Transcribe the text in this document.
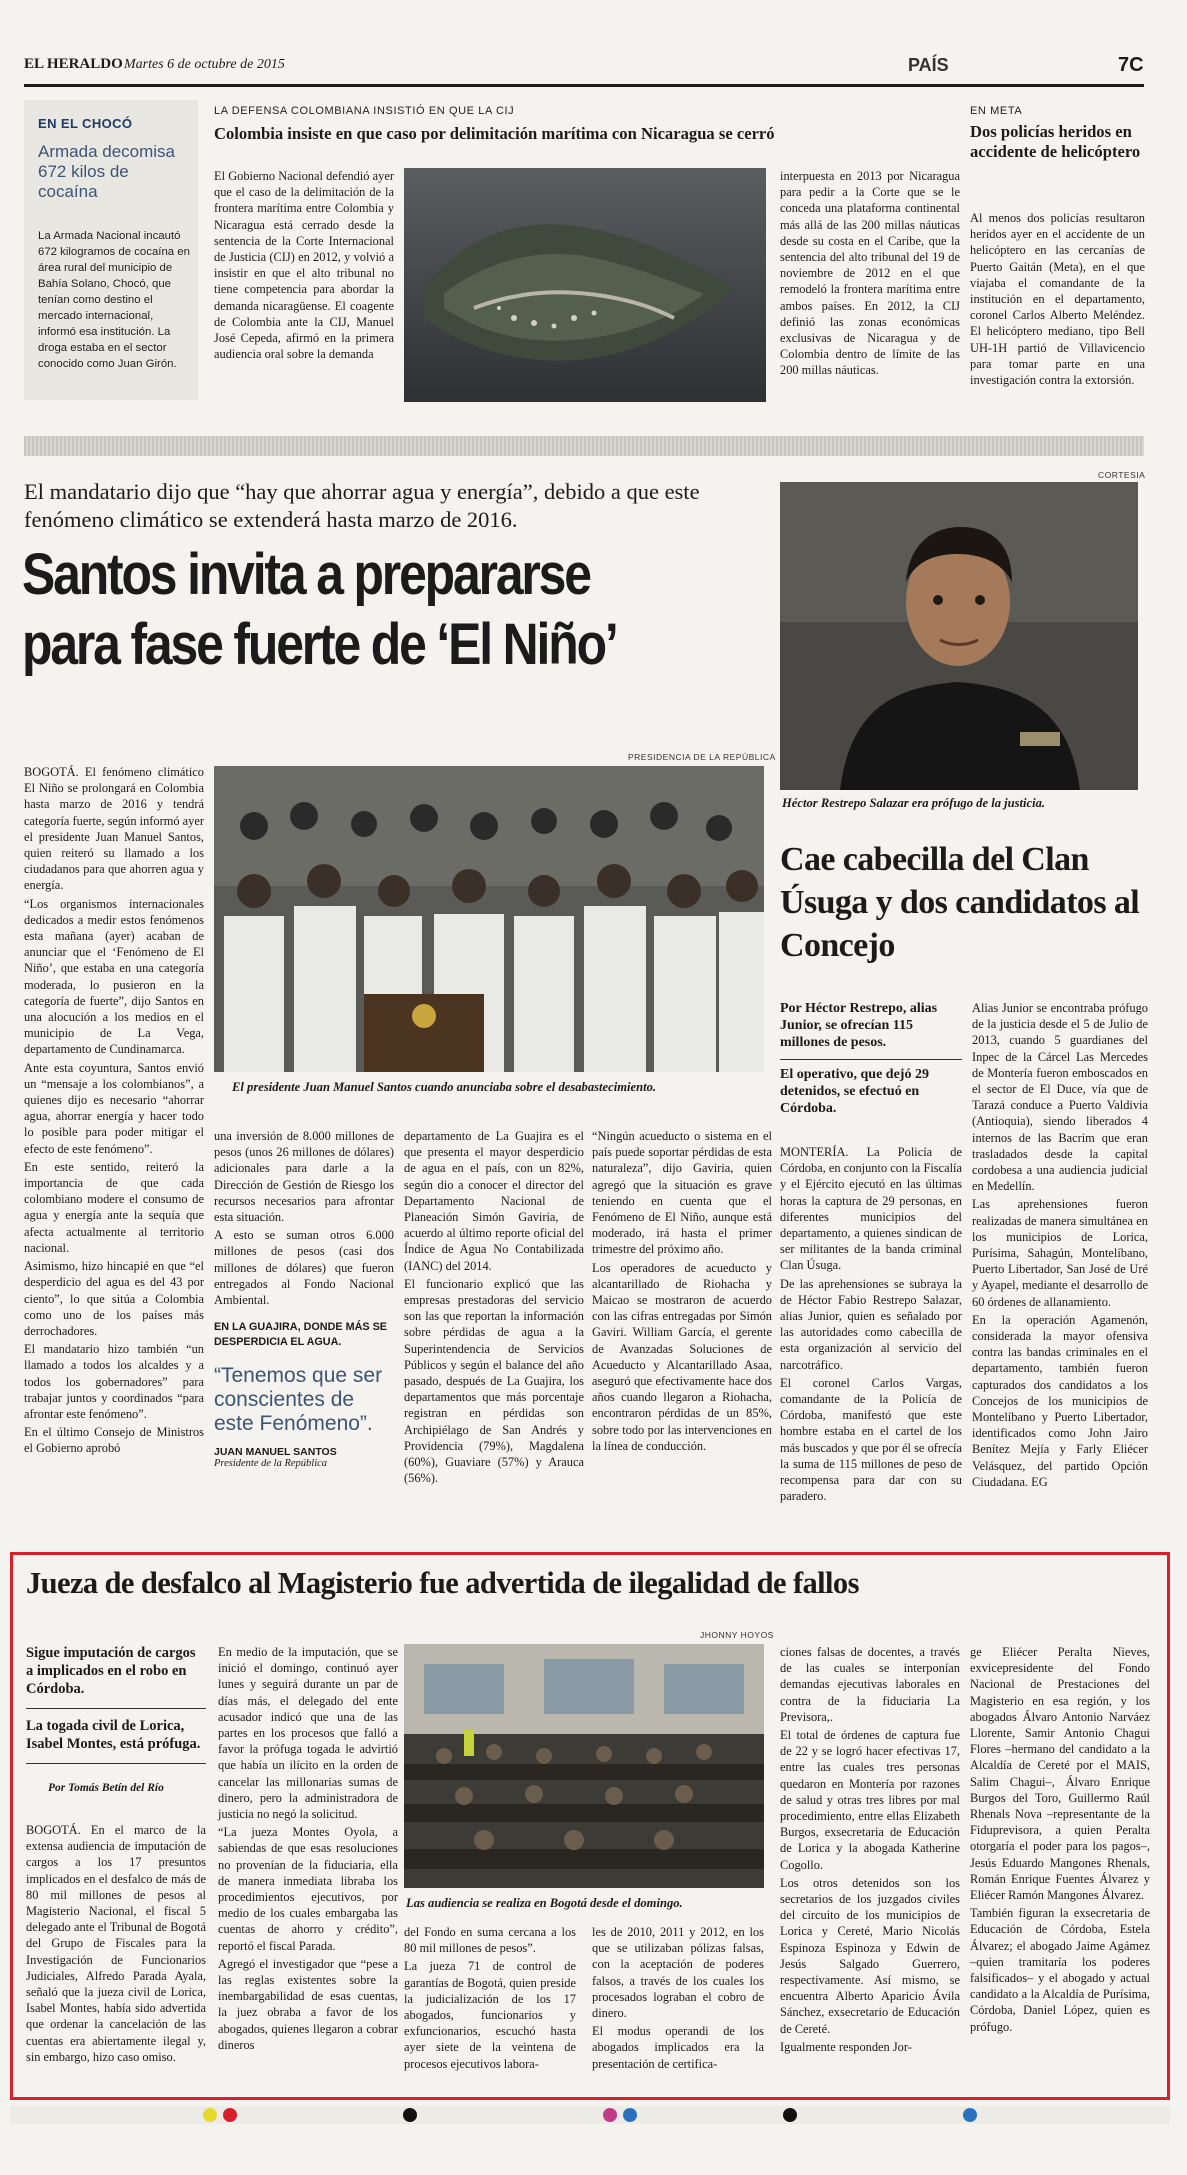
EL HERALDO Martes 6 de octubre de 2015	PAÍS	7C
EN EL CHOCÓ
Armada decomisa 672 kilos de cocaína
La Armada Nacional incautó 672 kilogramos de cocaína en área rural del municipio de Bahía Solano, Chocó, que tenían como destino el mercado internacional, informó esa institución. La droga estaba en el sector conocido como Juan Girón.
LA DEFENSA COLOMBIANA INSISTIÓ EN QUE LA CIJ
Colombia insiste en que caso por delimitación marítima con Nicaragua se cerró
El Gobierno Nacional defendió ayer que el caso de la delimitación de la frontera marítima entre Colombia y Nicaragua está cerrado desde la sentencia de la Corte Internacional de Justicia (CIJ) en 2012, y volvió a insistir en que el alto tribunal no tiene competencia para abordar la demanda nicaragüense. El coagente de Colombia ante la CIJ, Manuel José Cepeda, afirmó en la primera audiencia oral sobre la demanda
interpuesta en 2013 por Nicaragua para pedir a la Corte que se le conceda una plataforma continental más allá de las 200 millas náuticas desde su costa en el Caribe, que la sentencia del alto tribunal del 19 de noviembre de 2012 en el que remodeló la frontera marítima entre ambos países. En 2012, la CIJ definió las zonas económicas exclusivas de Nicaragua y de Colombia dentro de límite de las 200 millas náuticas.
EN META
Dos policías heridos en accidente de helicóptero
Al menos dos policías resultaron heridos ayer en el accidente de un helicóptero en las cercanías de Puerto Gaitán (Meta), en el que viajaba el comandante de la institución en el departamento, coronel Carlos Alberto Meléndez. El helicóptero mediano, tipo Bell UH-1H partió de Villavicencio para tomar parte en una investigación contra la extorsión.
El mandatario dijo que “hay que ahorrar agua y energía”, debido a que este fenómeno climático se extenderá hasta marzo de 2016.
Santos invita a prepararse
para fase fuerte de ‘El Niño’

BOGOTÁ. El fenómeno climático El Niño se prolongará en Colombia hasta marzo de 2016 y tendrá categoría fuerte, según informó ayer el presidente Juan Manuel Santos, quien reiteró su llamado a los ciudadanos para que ahorren agua y energía.

“Los organismos internacionales dedicados a medir estos fenómenos esta mañana (ayer) acaban de anunciar que el ‘Fenómeno de El Niño’, que estaba en una categoría moderada, lo pusieron en la categoría de fuerte”, dijo Santos en una alocución a los medios en el municipio de La Vega, departamento de Cundinamarca.

Ante esta coyuntura, Santos envió un “mensaje a los colombianos”, a quienes dijo es necesario “ahorrar agua, ahorrar energía y hacer todo lo posible para poder mitigar el efecto de este fenómeno”.

En este sentido, reiteró la importancia de que cada colombiano modere el consumo de agua y energía ante la sequía que afecta actualmente al territorio nacional.

Asimismo, hizo hincapié en que “el desperdicio del agua es del 43 por ciento”, lo que sitúa a Colombia como uno de los países más derrochadores.

El mandatario hizo también “un llamado a todos los alcaldes y a todos los gobernadores” para trabajar juntos y coordinados “para afrontar este fenómeno”.

En el último Consejo de Ministros el Gobierno aprobó

PRESIDENCIA DE LA REPÚBLICA
El presidente Juan Manuel Santos cuando anunciaba sobre el desabastecimiento.

una inversión de 8.000 millones de pesos (unos 26 millones de dólares) adicionales para darle a la Dirección de Gestión de Riesgo los recursos necesarios para afrontar esta situación.

A esto se suman otros 6.000 millones de pesos (casi dos millones de dólares) que fueron entregados al Fondo Nacional Ambiental.

EN LA GUAJIRA, DONDE MÁS SE DESPERDICIA EL AGUA.
“Tenemos que ser conscientes de este Fenómeno”.
JUAN MANUEL SANTOS
Presidente de la República

departamento de La Guajira es el que presenta el mayor desperdicio de agua en el país, con un 82%, según dio a conocer el director del Departamento Nacional de Planeación Simón Gaviria, de acuerdo al último reporte oficial del Índice de Agua No Contabilizada (IANC) del 2014.

El funcionario explicó que las empresas prestadoras del servicio son las que reportan la información sobre pérdidas de agua a la Superintendencia de Servicios Públicos y según el balance del año pasado, después de La Guajira, los departamentos que más porcentaje registran en pérdidas son Archipiélago de San Andrés y Providencia (79%), Magdalena (60%), Guaviare (57%) y Arauca (56%).

“Ningún acueducto o sistema en el país puede soportar pérdidas de esta naturaleza”, dijo Gaviria, quien agregó que la situación es grave teniendo en cuenta que el Fenómeno de El Niño, aunque está moderado, irá hasta el primer trimestre del próximo año.

Los operadores de acueducto y alcantarillado de Riohacha y Maicao se mostraron de acuerdo con las cifras entregadas por Simón Gaviri. William García, el gerente de Avanzadas Soluciones de Acueducto y Alcantarillado Asaa, aseguró que efectivamente hace dos años cuando llegaron a Riohacha, encontraron pérdidas de un 85%, sobre todo por las intervenciones en la línea de conducción.

CORTESIA
Héctor Restrepo Salazar era prófugo de la justicia.
Cae cabecilla del Clan Úsuga y dos candidatos al Concejo
Por Héctor Restrepo, alias Junior, se ofrecían 115 millones de pesos.
El operativo, que dejó 29 detenidos, se efectuó en Córdoba.

MONTERÍA. La Policía de Córdoba, en conjunto con la Fiscalía y el Ejército ejecutó en las últimas horas la captura de 29 personas, en diferentes municipios del departamento, a quienes sindican de ser militantes de la banda criminal Clan Úsuga.

De las aprehensiones se subraya la de Héctor Fabio Restrepo Salazar, alias Junior, quien es señalado por las autoridades como cabecilla de esta organización al servicio del narcotráfico.

El coronel Carlos Vargas, comandante de la Policía de Córdoba, manifestó que este hombre estaba en el cartel de los más buscados y que por él se ofrecía la suma de 115 millones de peso de recompensa para dar con su paradero.

Alias Junior se encontraba prófugo de la justicia desde el 5 de Julio de 2013, cuando 5 guardianes del Inpec de la Cárcel Las Mercedes de Montería fueron emboscados en el sector de El Duce, vía que de Tarazá conduce a Puerto Valdivia (Antioquia), siendo liberados 4 internos de las Bacrim que eran trasladados desde la capital cordobesa a una audiencia judicial en Medellín.

Las aprehensiones fueron realizadas de manera simultánea en los municipios de Lorica, Purísima, Sahagún, Montelíbano, Puerto Libertador, San José de Uré y Ayapel, mediante el desarrollo de 60 órdenes de allanamiento.

En la operación Agamenón, considerada la mayor ofensiva contra las bandas criminales en el departamento, también fueron capturados dos candidatos a los Concejos de los municipios de Montelíbano y Puerto Libertador, identificados como John Jairo Benítez Mejía y Farly Eliécer Velásquez, del partido Opción Ciudadana. EG

Jueza de desfalco al Magisterio fue advertida de ilegalidad de fallos
Sigue imputación de cargos a implicados en el robo en Córdoba.
La togada civil de Lorica, Isabel Montes, está prófuga.
Por Tomás Betín del Río

BOGOTÁ. En el marco de la extensa audiencia de imputación de cargos a los 17 presuntos implicados en el desfalco de más de 80 mil millones de pesos al Magisterio Nacional, el fiscal 5 delegado ante el Tribunal de Bogotá del Grupo de Fiscales para la Investigación de Funcionarios Judiciales, Alfredo Parada Ayala, señaló que la jueza civil de Lorica, Isabel Montes, había sido advertida que ordenar la cancelación de las cuentas era abiertamente ilegal y, sin embargo, hizo caso omiso.

En medio de la imputación, que se inició el domingo, continuó ayer lunes y seguirá durante un par de días más, el delegado del ente acusador indicó que una de las partes en los procesos que falló a favor la prófuga togada le advirtió que había un ilícito en la orden de cancelar las millonarias sumas de dinero, pero la administradora de justicia no negó la solicitud.

“La jueza Montes Oyola, a sabiendas de que esas resoluciones no provenían de la fiduciaria, ella de manera inmediata libraba los procedimientos ejecutivos, por medio de los cuales embargaba las cuentas de ahorro y crédito”, reportó el fiscal Parada.

Agregó el investigador que “pese a las reglas existentes sobre la inembargabilidad de esas cuentas, la juez obraba a favor de los abogados, quienes llegaron a cobrar dineros

JHONNY HOYOS
Las audiencia se realiza en Bogotá desde el domingo.

del Fondo en suma cercana a los 80 mil millones de pesos”.

La jueza 71 de control de garantías de Bogotá, quien preside la judicialización de los 17 abogados, funcionarios y exfuncionarios, escuchó hasta ayer siete de la veintena de procesos ejecutivos labora-

les de 2010, 2011 y 2012, en los que se utilizaban pólizas falsas, con la aceptación de poderes falsos, a través de los cuales los procesados lograban el cobro de dinero.

El modus operandi de los abogados implicados era la presentación de certifica-

ciones falsas de docentes, a través de las cuales se interponían demandas ejecutivas laborales en contra de la fiduciaria La Previsora,.

El total de órdenes de captura fue de 22 y se logró hacer efectivas 17, entre las cuales tres personas quedaron en Montería por razones de salud y otras tres libres por mal procedimiento, entre ellas Elizabeth Burgos, exsecretaria de Educación de Lorica y la abogada Katherine Cogollo.

Los otros detenidos son los secretarios de los juzgados civiles del circuito de los municipios de Lorica y Cereté, Mario Nicolás Espinoza Espinoza y Edwin de Jesús Salgado Guerrero, respectivamente. Así mismo, se encuentra Alberto Aparicio Ávila Sánchez, exsecretario de Educación de Cereté.

Igualmente responden Jor-

ge Eliécer Peralta Nieves, exvicepresidente del Fondo Nacional de Prestaciones del Magisterio en esa región, y los abogados Álvaro Antonio Narváez Llorente, Samir Antonio Chagui Flores –hermano del candidato a la Alcaldía de Cereté por el MAIS, Salim Chagui–, Álvaro Enrique Burgos del Toro, Guillermo Raúl Rhenals Nova –representante de la Fiduprevisora, a quien Peralta otorgaría el poder para los pagos–, Jesús Eduardo Mangones Rhenals, Román Enrique Fuentes Álvarez y Eliécer Ramón Mangones Álvarez.

También figuran la exsecretaria de Educación de Córdoba, Estela Álvarez; el abogado Jaime Agámez –quien tramitaría los poderes falsificados– y el abogado y actual candidato a la Alcaldía de Purísima, Córdoba, Daniel López, quien es prófugo.
